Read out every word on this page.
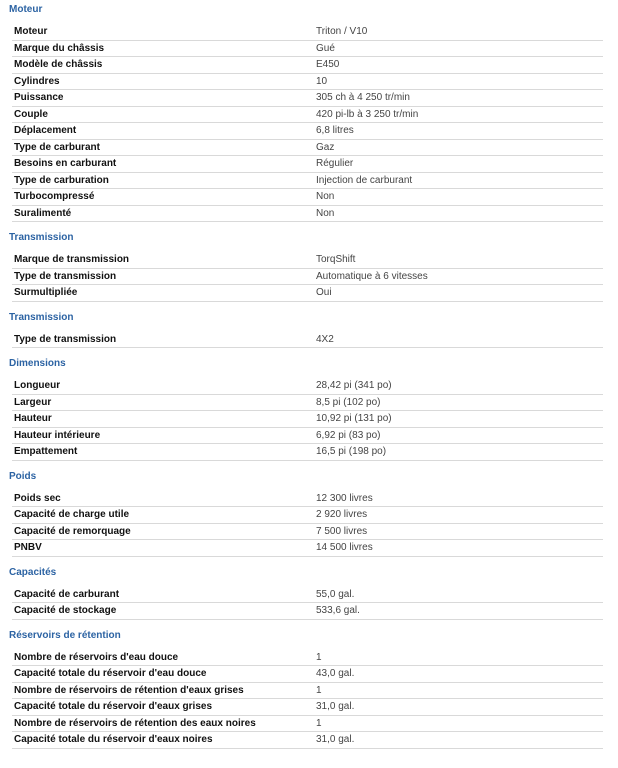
Moteur
Moteur	Triton / V10
Marque du châssis	Gué
Modèle de châssis	E450
Cylindres	10
Puissance	305 ch à 4 250 tr/min
Couple	420 pi-lb à 3 250 tr/min
Déplacement	6,8 litres
Type de carburant	Gaz
Besoins en carburant	Régulier
Type de carburation	Injection de carburant
Turbocompressé	Non
Suralimenté	Non
Transmission
Marque de transmission	TorqShift
Type de transmission	Automatique à 6 vitesses
Surmultipliée	Oui
Transmission
Type de transmission	4X2
Dimensions
Longueur	28,42 pi (341 po)
Largeur	8,5 pi (102 po)
Hauteur	10,92 pi (131 po)
Hauteur intérieure	6,92 pi (83 po)
Empattement	16,5 pi (198 po)
Poids
Poids sec	12 300 livres
Capacité de charge utile	2 920 livres
Capacité de remorquage	7 500 livres
PNBV	14 500 livres
Capacités
Capacité de carburant	55,0 gal.
Capacité de stockage	533,6 gal.
Réservoirs de rétention
Nombre de réservoirs d'eau douce	1
Capacité totale du réservoir d'eau douce	43,0 gal.
Nombre de réservoirs de rétention d'eaux grises	1
Capacité totale du réservoir d'eaux grises	31,0 gal.
Nombre de réservoirs de rétention des eaux noires	1
Capacité totale du réservoir d'eaux noires	31,0 gal.
